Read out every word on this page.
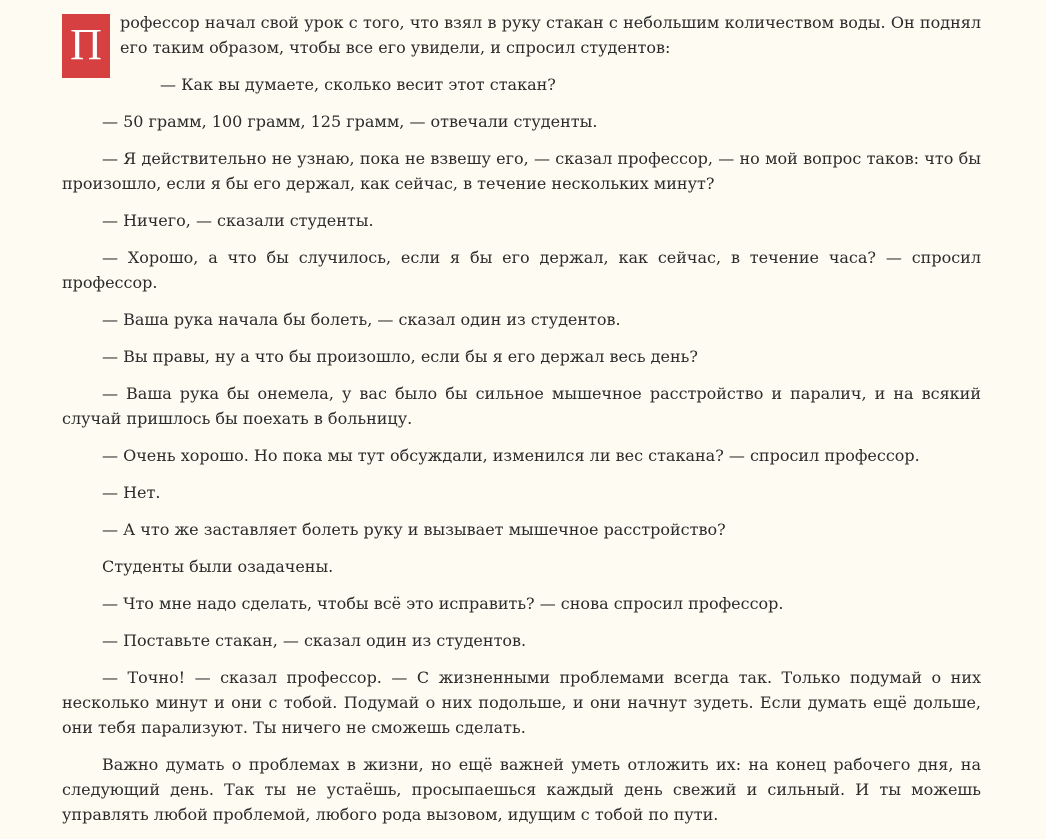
П	рофессор начал свой урок с того, что взял в руку стакан с небольшим количеством воды. Он поднял его таким образом, чтобы все его увидели, и спросил студентов:

— Как вы думаете, сколько весит этот стакан?

— 50 грамм, 100 грамм, 125 грамм, — отвечали студенты.

— Я действительно не узнаю, пока не взвешу его, — сказал профессор, — но мой вопрос таков: что бы произошло, если я бы его держал, как сейчас, в течение нескольких минут?

— Ничего, — сказали студенты.

— Хорошо, а что бы случилось, если я бы его держал, как сейчас, в течение часа? — спросил профессор.

— Ваша рука начала бы болеть, — сказал один из студентов.

— Вы правы, ну а что бы произошло, если бы я его держал весь день?

— Ваша рука бы онемела, у вас было бы сильное мышечное расстройство и паралич, и на всякий случай пришлось бы поехать в больницу.

— Очень хорошо. Но пока мы тут обсуждали, изменился ли вес стакана? — спросил профессор.

— Нет.

— А что же заставляет болеть руку и вызывает мышечное расстройство?

Студенты были озадачены.

— Что мне надо сделать, чтобы всё это исправить? — снова спросил профессор.

— Поставьте стакан, — сказал один из студентов.

— Точно! — сказал профессор. — С жизненными проблемами всегда так. Только подумай о них несколько минут и они с тобой. Подумай о них подольше, и они начнут зудеть. Если думать ещё дольше, они тебя парализуют. Ты ничего не сможешь сделать.

Важно думать о проблемах в жизни, но ещё важней уметь отложить их: на конец рабочего дня, на следующий день. Так ты не устаёшь, просыпаешься каждый день свежий и сильный. И ты можешь управлять любой проблемой, любого рода вызовом, идущим с тобой по пути.
